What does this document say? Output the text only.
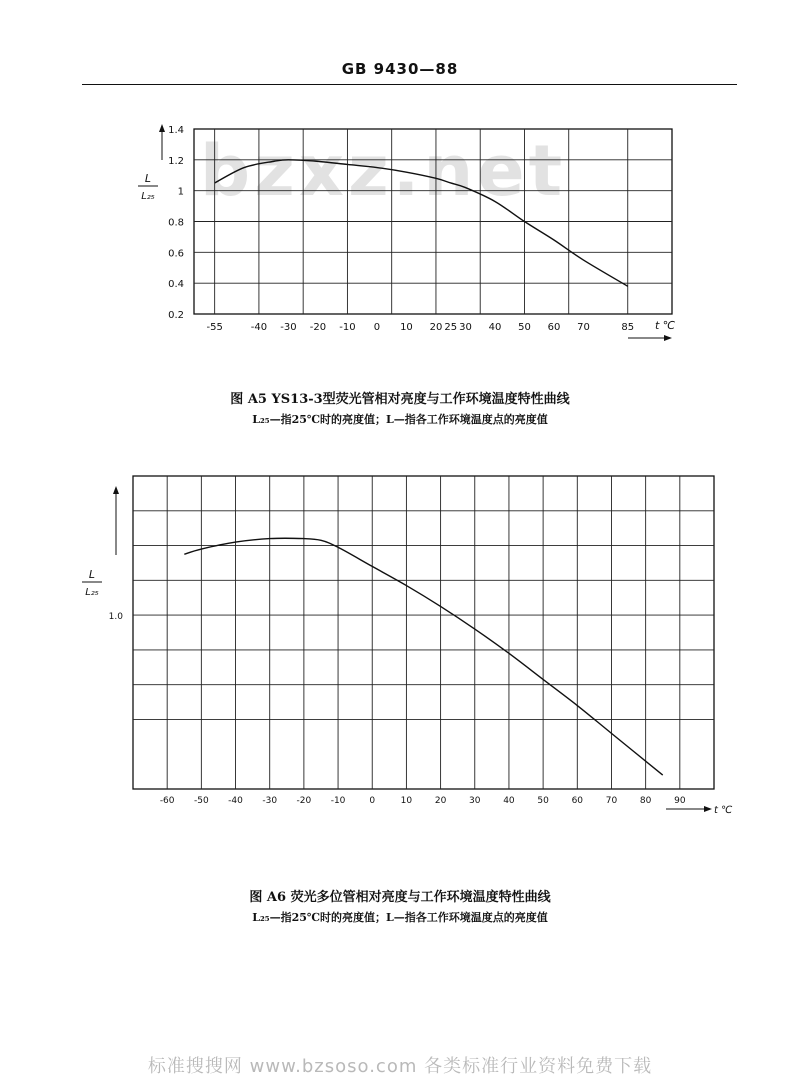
GB 9430—88
bzxz.net
0.2
0.4
0.6
0.8
1
1.2
1.4
-55	-40 -30 -20 -10 0 10 20 25 30 40 50 60 70	85
L
L₂₅
t ℃
图 A5 YS13-3型荧光管相对亮度与工作环境温度特性曲线
L₂₅—指25℃时的亮度值；L—指各工作环境温度点的亮度值
1.0
-60 -50 -40 -30 -20 -10	0	10	20	30	40	50	60	70	80	90
L
L₂₅
t ℃
图 A6 荧光多位管相对亮度与工作环境温度特性曲线
L₂₅—指25℃时的亮度值；L—指各工作环境温度点的亮度值
标准搜搜网 www.bzsoso.com 各类标准行业资料免费下载
